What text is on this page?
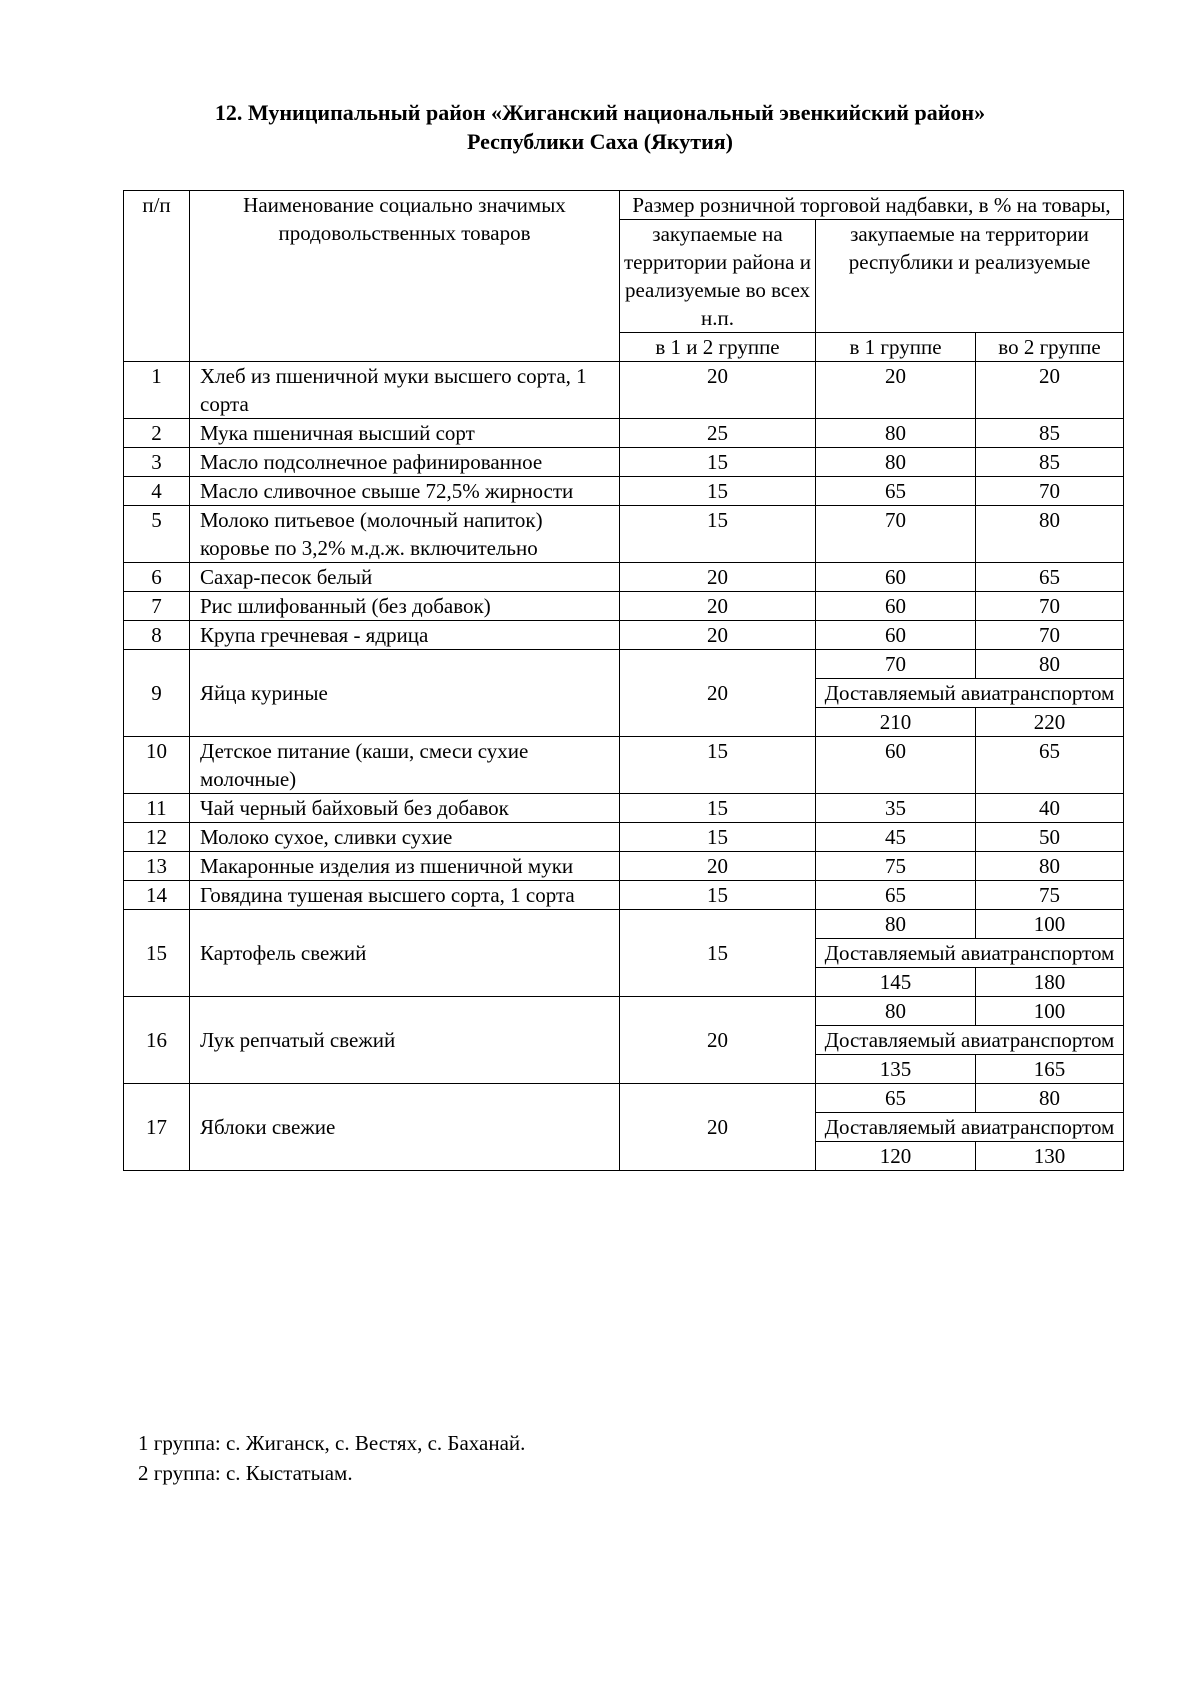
12. Муниципальный район «Жиганский национальный эвенкийский район»
Республики Саха (Якутия)
п/п	Наименование социально значимых продовольственных товаров	Размер розничной торговой надбавки, в % на товары,		
		закупаемые на территории района и реализуемые во всех н.п.	закупаемые на территории республики и реализуемые	
		в 1 и 2 группе	в 1 группе	во 2 группе
1	Хлеб из пшеничной муки высшего сорта, 1 сорта	20	20	20
2	Мука пшеничная высший сорт	25	80	85
3	Масло подсолнечное рафинированное	15	80	85
4	Масло сливочное свыше 72,5% жирности	15	65	70
5	Молоко питьевое (молочный напиток) коровье по 3,2% м.д.ж. включительно	15	70	80
6	Сахар-песок белый	20	60	65
7	Рис шлифованный (без добавок)	20	60	70
8	Крупа гречневая - ядрица	20	60	70
9	Яйца куриные	20	70	80
			Доставляемый авиатранспортом	

			210	220
10	Детское питание (каши, смеси сухие молочные)	15	60	65
11	Чай черный байховый без добавок	15	35	40
12	Молоко сухое, сливки сухие	15	45	50
13	Макаронные изделия из пшеничной муки	20	75	80
14	Говядина тушеная высшего сорта, 1 сорта	15	65	75
15	Картофель свежий	15	80	100
			Доставляемый авиатранспортом	

			145	180
16	Лук репчатый свежий	20	80	100
			Доставляемый авиатранспортом	

			135	165
17	Яблоки свежие	20	65	80
			Доставляемый авиатранспортом	

			120	130
1 группа: с. Жиганск, с. Вестях, с. Баханай.
2 группа: с. Кыстатыам.
